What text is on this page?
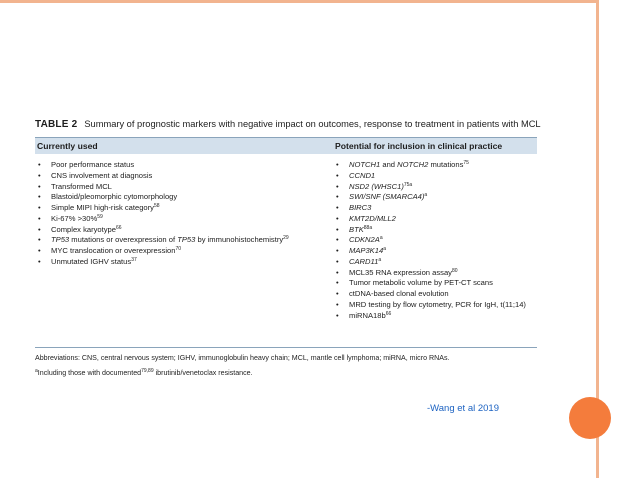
TABLE 2 Summary of prognostic markers with negative impact on outcomes, response to treatment in patients with MCL
Currently used	Potential for inclusion in clinical practice
• Poor performance status
• CNS involvement at diagnosis
• Transformed MCL
• Blastoid/pleomorphic cytomorphology
• Simple MIPI high-risk category$^{58}$
• Ki-67% >30%$^{59}$
• Complex karyotype$^{66}$
• TP53 mutations or overexpression of TP53 by immunohistochemistry$^{29}$
• MYC translocation or overexpression$^{70}$
• Unmutated IGHV status$^{37}$
• NOTCH1 and NOTCH2 mutations$^{75}$
• CCND1
• NSD2 (WHSC1)$^{75a}$
• SWI/SNF (SMARCA4)$^a$
• BIRC3
• KMT2D/MLL2
• $BTK^{88a}$
• $CDKN2A^a$
• MAP3K14$^a$
• CARD11$^a$
• MCL35 RNA expression assay$^{80}$
• Tumor metabolic volume by PET-CT scans
• ctDNA-based clonal evolution
• MRD testing by flow cytometry, PCR for IgH, t(11;14)
• $miRNA18b^{66}$
Abbreviations: CNS, central nervous system; IGHV, immunoglobulin heavy chain; MCL, mantle cell lymphoma; miRNA, micro RNAs.
$^a$Including those with documented$^{79,89}$ ibrutinib/venetoclax resistance.
-Wang et al 2019
